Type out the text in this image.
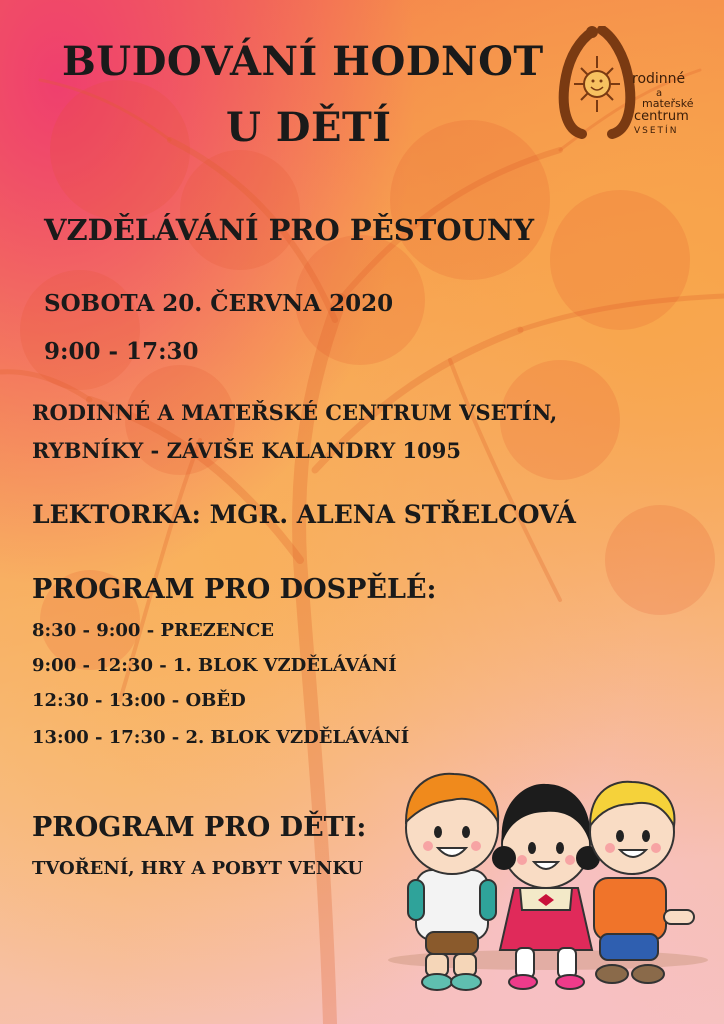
BUDOVÁNÍ HODNOT
U DĚTÍ
rodinné
a
mateřské
centrum
VSETÍN

VZDĚLÁVÁNÍ PRO PĚSTOUNY

SOBOTA 20. ČERVNA 2020

9:00 - 17:30

RODINNÉ A MATEŘSKÉ CENTRUM VSETÍN,

RYBNÍKY - ZÁVIŠE KALANDRY 1095

LEKTORKA: MGR. ALENA STŘELCOVÁ

PROGRAM PRO DOSPĚLÉ:

8:30 - 9:00 - PREZENCE

9:00 - 12:30 - 1. BLOK VZDĚLÁVÁNÍ

12:30 - 13:00 - OBĚD

13:00 - 17:30 - 2. BLOK VZDĚLÁVÁNÍ

PROGRAM PRO DĚTI:

TVOŘENÍ, HRY A POBYT VENKU
